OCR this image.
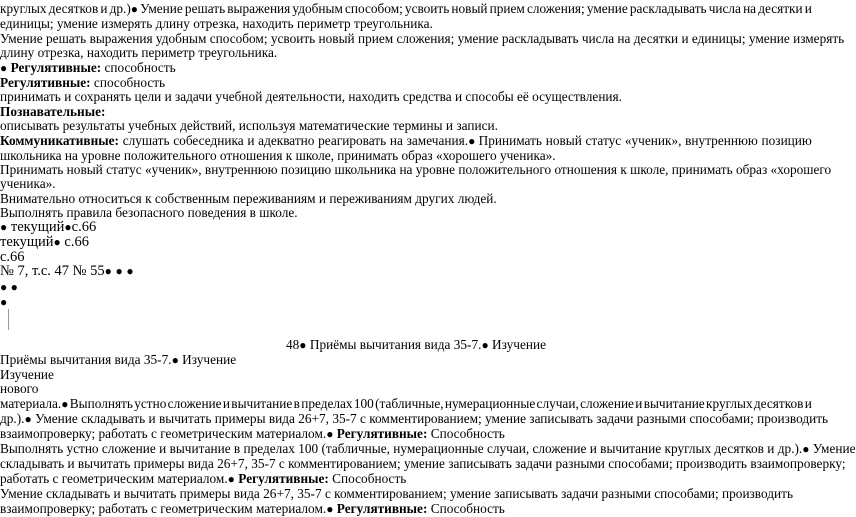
круглых десятков и др.)● Умение решать выражения удобным способом; усвоить новый прием сложения; умение раскладывать числа на десятки и
единицы; умение измерять длину отрезка, находить периметр треугольника.
Умение решать выражения удобным способом; усвоить новый прием сложения; умение раскладывать числа на десятки и единицы; умение измерять
длину отрезка, находить периметр треугольника.
● Регулятивные: способность
Регулятивные: способность
принимать и сохранять цели и задачи учебной деятельности, находить средства и способы её осуществления.
Познавательные:
описывать результаты учебных действий, используя математические термины и записи.
Коммуникативные: слушать собеседника и адекватно реагировать на замечания.● Принимать новый статус «ученик», внутреннюю позицию
школьника на уровне положительного отношения к школе, принимать образ «хорошего ученика».
Принимать новый статус «ученик», внутреннюю позицию школьника на уровне положительного отношения к школе, принимать образ «хорошего
ученика».
Внимательно относиться к собственным переживаниям и переживаниям других людей.
Выполнять правила безопасного поведения в школе.
● текущий●с.66
текущий● с.66
с.66
№ 7, т.с. 47 № 55● ● ●
● ●
●
48● Приёмы вычитания вида 35-7.● Изучение
Приёмы вычитания вида 35-7.● Изучение
Изучение
нового
материала.● Выполнять устно сложение и вычитание в пределах 100 (табличные, нумерационные случаи, сложение и вычитание круглых десятков и
др.).● Умение складывать и вычитать примеры вида 26+7, 35-7 с комментированием; умение записывать задачи разными способами; производить
взаимопроверку; работать с геометрическим материалом.● Регулятивные: Способность
Выполнять устно сложение и вычитание в пределах 100 (табличные, нумерационные случаи, сложение и вычитание круглых десятков и др.).● Умение
складывать и вычитать примеры вида 26+7, 35-7 с комментированием; умение записывать задачи разными способами; производить взаимопроверку;
работать с геометрическим материалом.● Регулятивные: Способность
Умение складывать и вычитать примеры вида 26+7, 35-7 с комментированием; умение записывать задачи разными способами; производить
взаимопроверку; работать с геометрическим материалом.● Регулятивные: Способность
